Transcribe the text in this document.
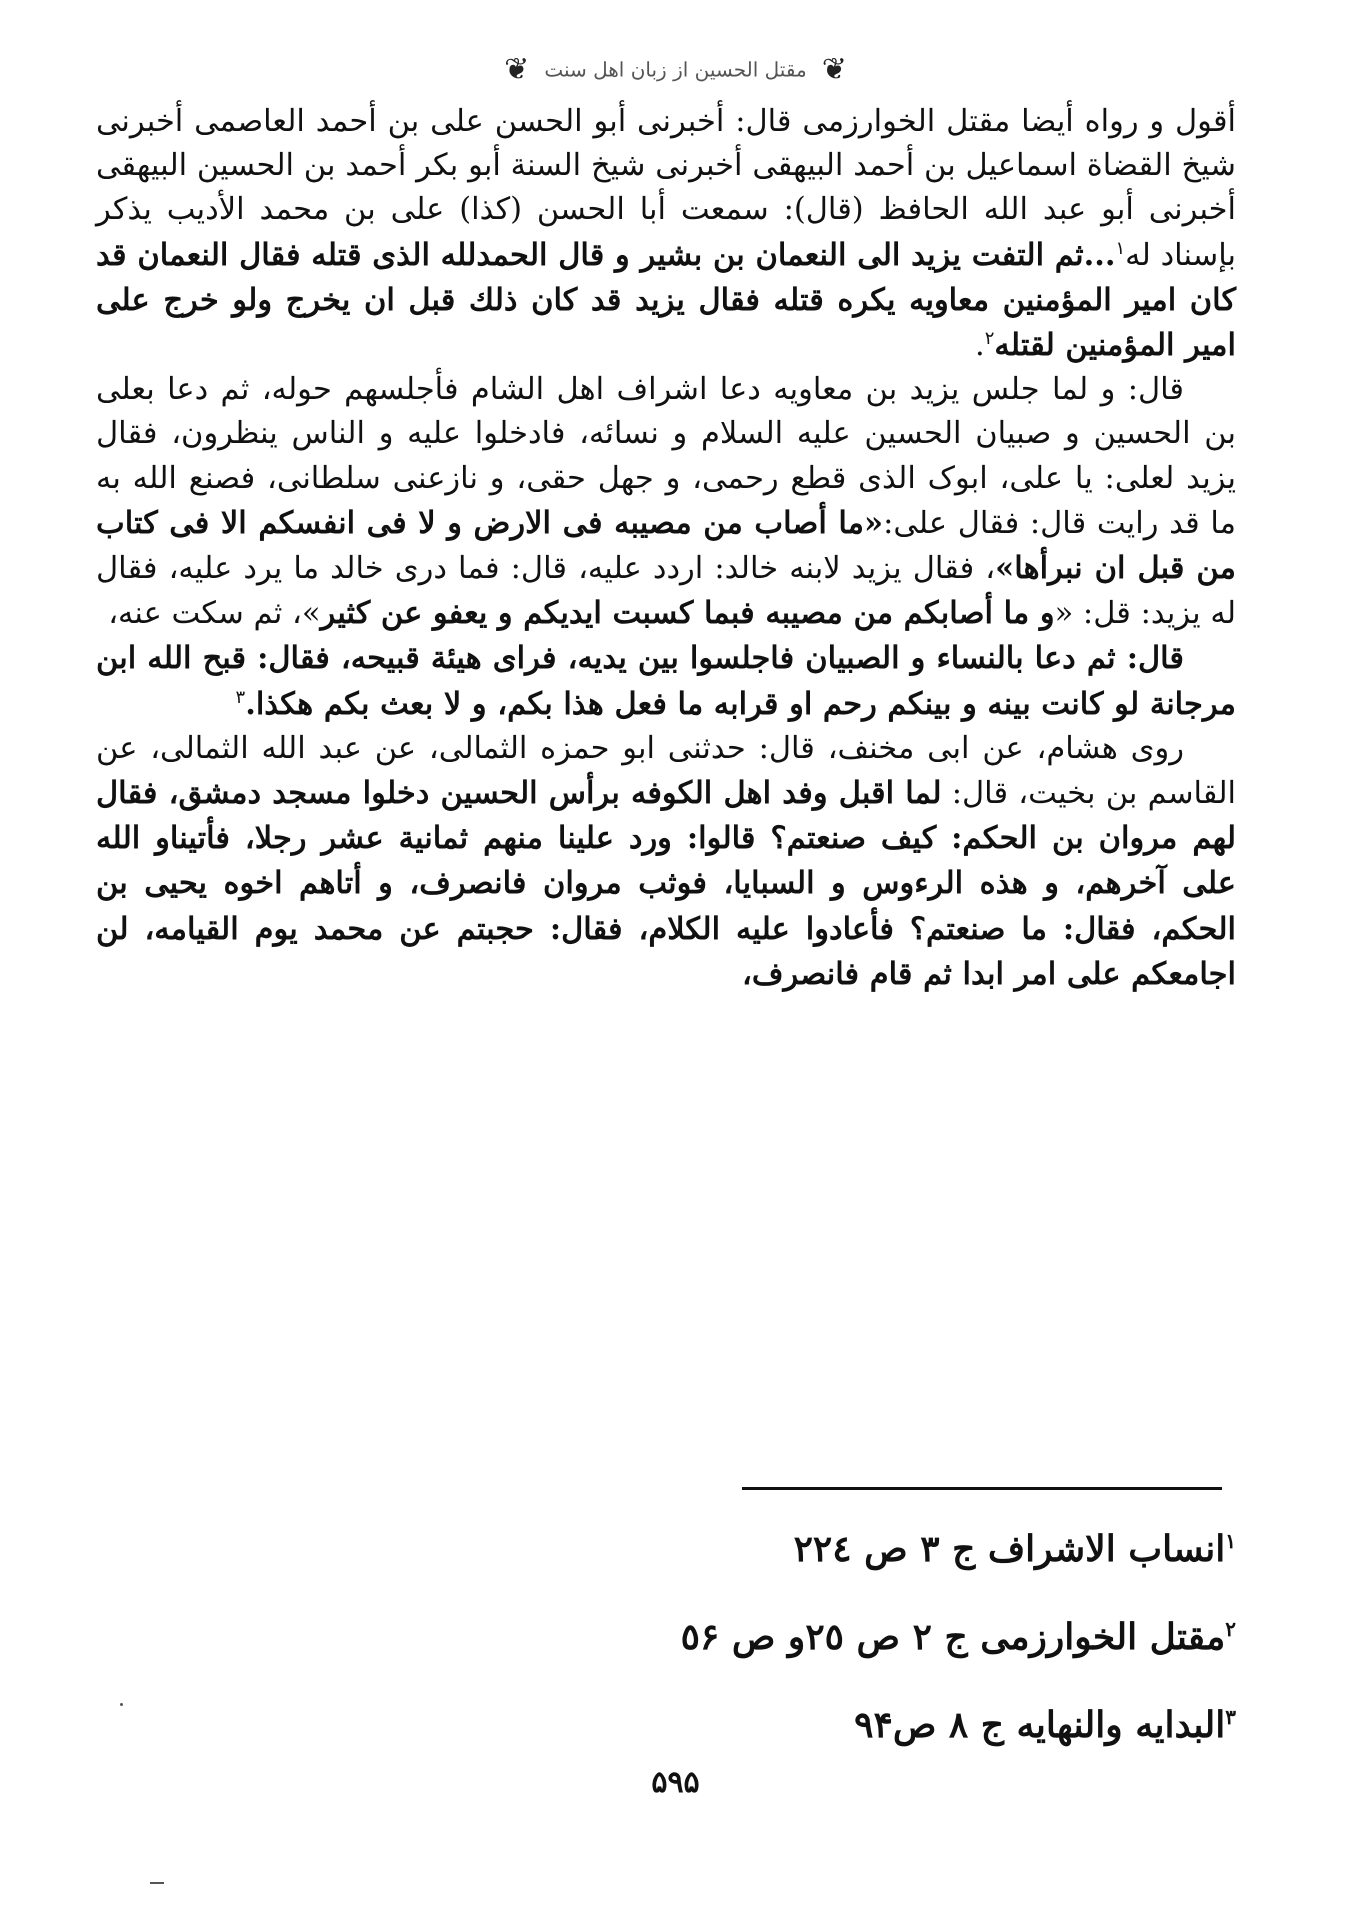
❦ مقتل الحسين از زبان اهل سنت ❦

أقول و رواه أيضا مقتل الخوارزمى قال: أخبرنى أبو الحسن على بن أحمد العاصمى أخبرنى شيخ القضاة اسماعيل بن أحمد البيهقى أخبرنى شيخ السنة أبو بكر أحمد بن الحسين البيهقى أخبرنى أبو عبد الله الحافظ (قال): سمعت أبا الحسن (كذا) على بن محمد الأديب يذكر بإسناد له$^١$...ثم التفت يزيد الى النعمان بن بشير و قال الحمدلله الذى قتله فقال النعمان قد كان امير المؤمنين معاويه يكره قتله فقال يزيد قد كان ذلك قبل ان يخرج ولو خرج على امير المؤمنين لقتله$^٢$.

قال: و لما جلس يزيد بن معاويه دعا اشراف اهل الشام فأجلسهم حوله، ثم دعا بعلى بن الحسين و صبيان الحسين عليه السلام و نسائه، فادخلوا عليه و الناس ينظرون، فقال يزيد لعلى: يا على، ابوک الذى قطع رحمى، و جهل حقى، و نازعنى سلطانى، فصنع الله به ما قد رايت قال: فقال على:«ما أصاب من مصيبه فى الارض و لا فى انفسکم الا فى کتاب من قبل ان نبرأها»، فقال يزيد لابنه خالد: اردد عليه، قال: فما درى خالد ما يرد عليه، فقال له يزيد: قل: «و ما أصابکم من مصيبه فبما کسبت ايديکم و يعفو عن کثير»، ثم سکت عنه،

قال: ثم دعا بالنساء و الصبيان فاجلسوا بين يديه، فراى هيئة قبيحه، فقال: قبح الله ابن مرجانة لو كانت بينه و بينكم رحم او قرابه ما فعل هذا بكم، و لا بعث بكم هكذا.$^٣$

روى هشام، عن ابى مخنف، قال: حدثنى ابو حمزه الثمالى، عن عبد الله الثمالى، عن القاسم بن بخيت، قال: لما اقبل وفد اهل الكوفه برأس الحسين دخلوا مسجد دمشق، فقال لهم مروان بن الحكم: كيف صنعتم؟ قالوا: ورد علينا منهم ثمانية عشر رجلا، فأتيناو الله على آخرهم، و هذه الرءوس و السبايا، فوثب مروان فانصرف، و أتاهم اخوه يحيى بن الحكم، فقال: ما صنعتم؟ فأعادوا عليه الكلام، فقال: حجبتم عن محمد يوم القيامه، لن اجامعكم على امر ابدا ثم قام فانصرف،

$^١$انساب الاشراف ج ٣ ص ٢٢٤

$^٢$مقتل الخوارزمى ج ٢ ص ٢٥و ص ٥۶

$^٣$البدايه والنهايه ج ٨ ص٩۴

۵٩۵
